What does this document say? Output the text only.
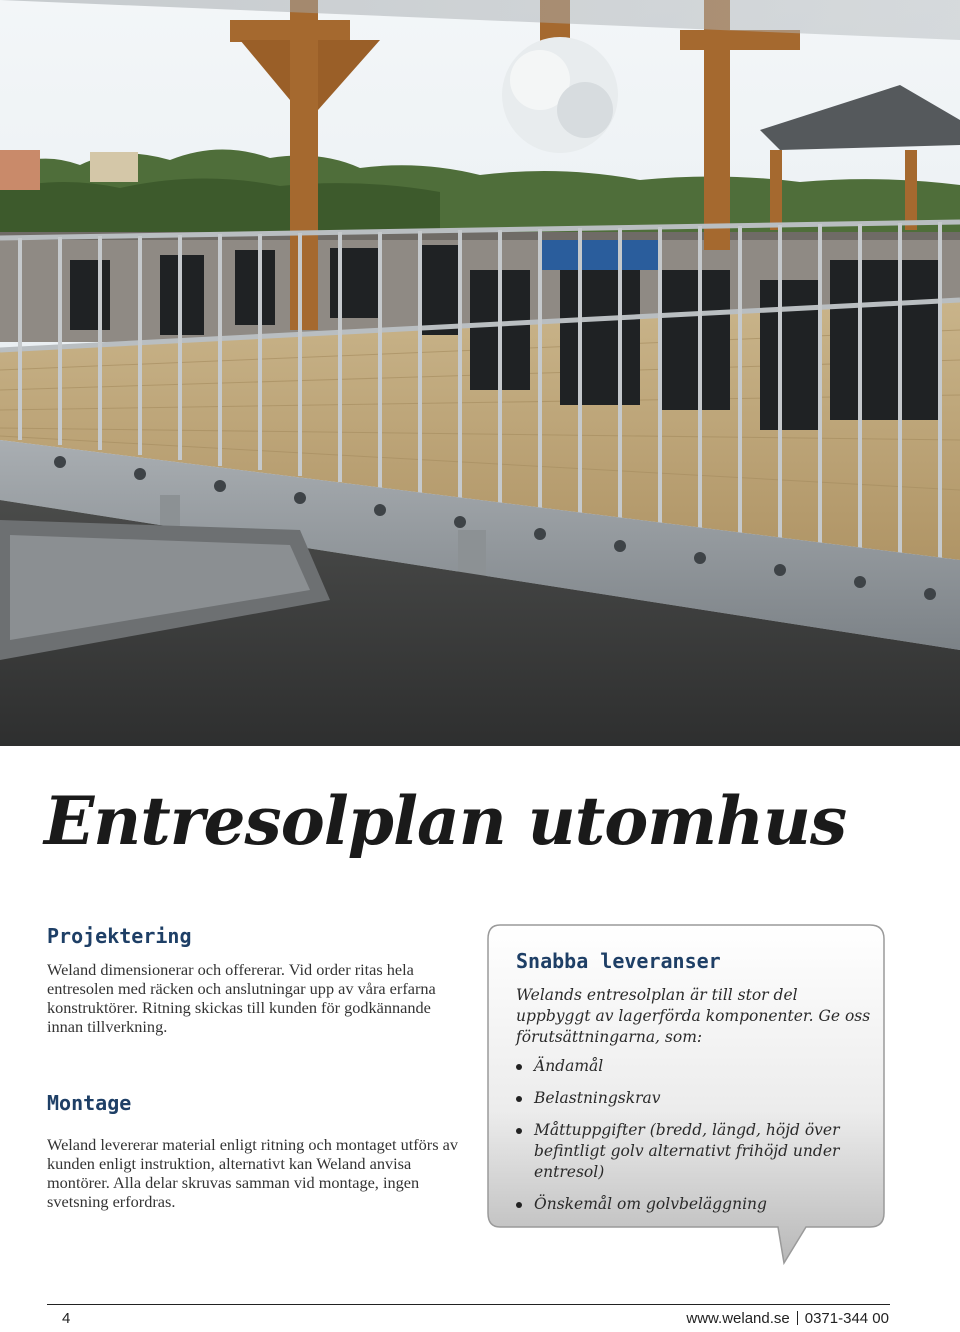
Entresolplan utomhus
Projektering

Weland dimensionerar och offererar. Vid order ritas hela entresolen med räcken och anslutningar upp av våra erfarna konstruktörer. Ritning skickas till kunden för godkännande innan tillverkning.

Montage

Weland levererar material enligt ritning och montaget utförs av kunden enligt instruktion, alternativt kan Weland anvisa montörer. Alla delar skruvas samman vid montage, ingen svetsning erfordras.

Snabba leveranser

Welands entresolplan är till stor del uppbyggt av lagerförda komponenter. Ge oss förutsättningarna, som:

Ändamål
Belastningskrav
Måttuppgifter (bredd, längd, höjd över befintligt golv alternativt frihöjd under entresol)
Önskemål om golvbeläggning
4	www.weland.se 0371-344 00
